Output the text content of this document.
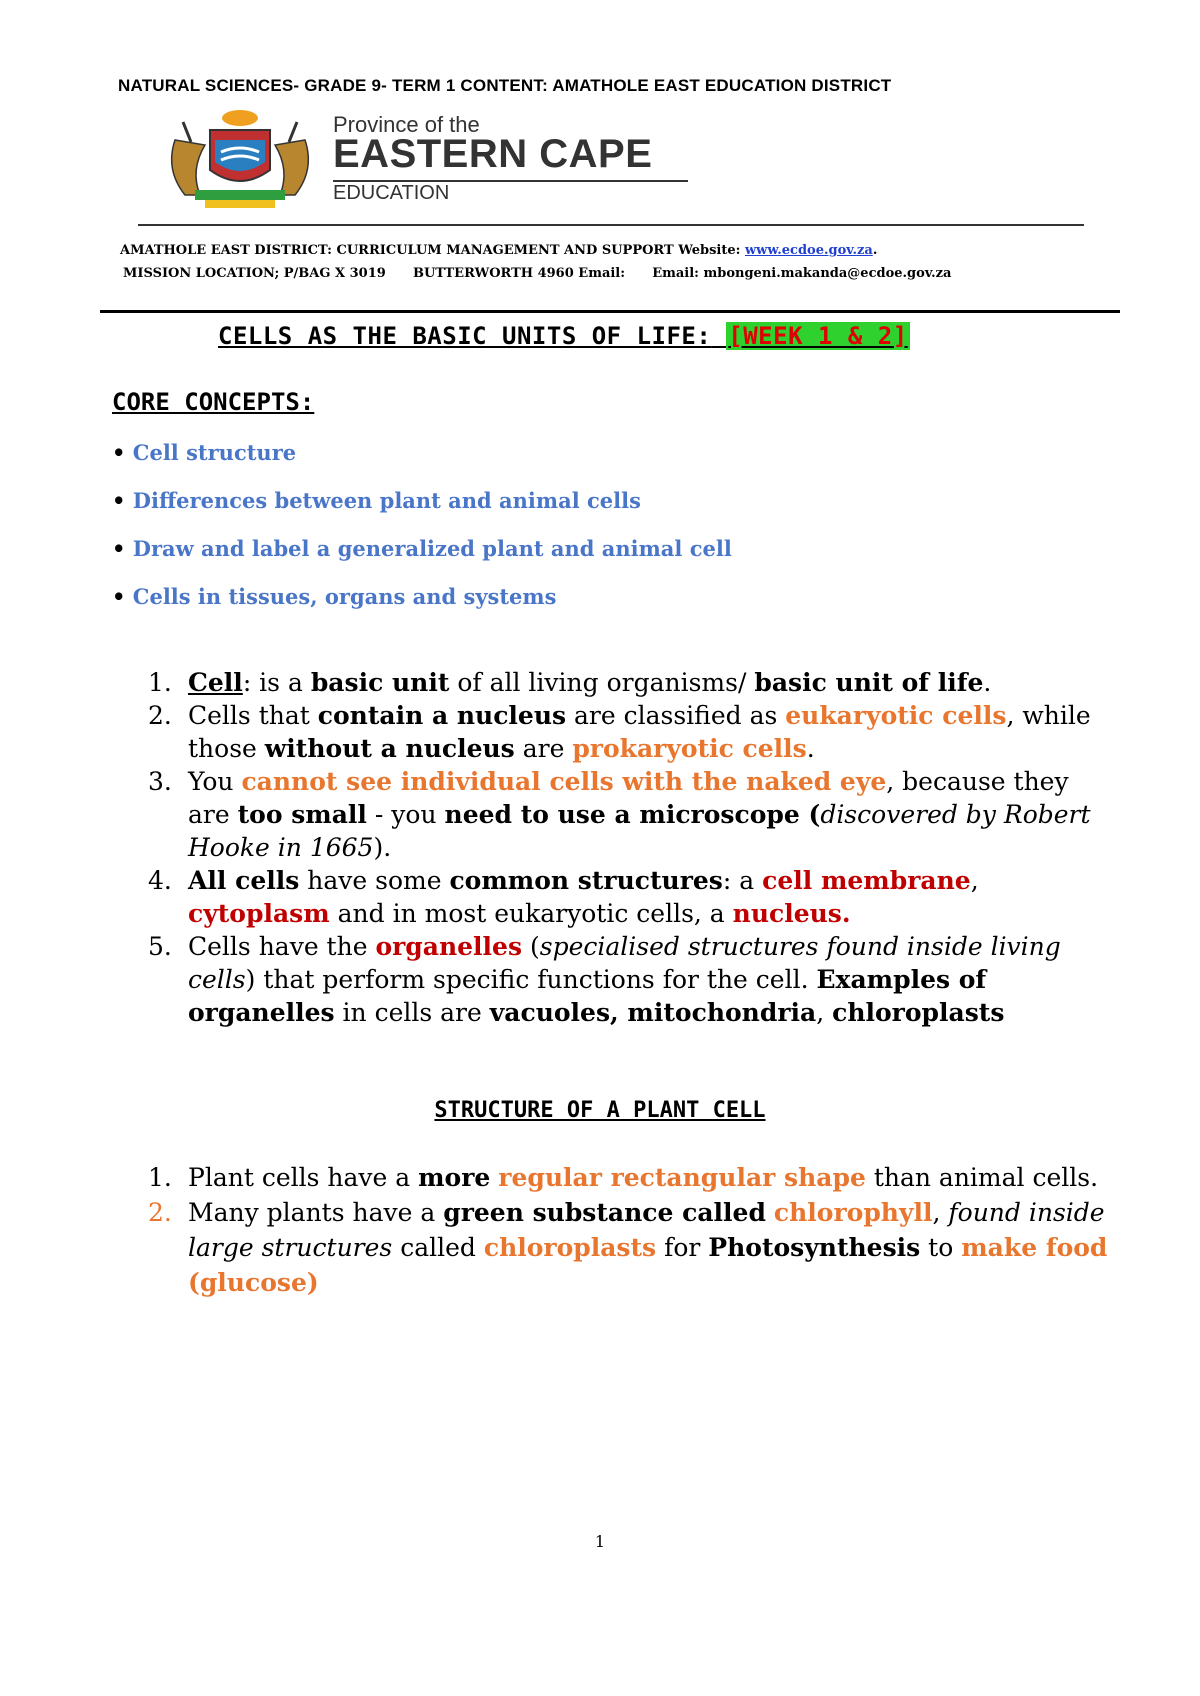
NATURAL SCIENCES- GRADE 9- TERM 1 CONTENT: AMATHOLE EAST EDUCATION DISTRICT
Province of the
EASTERN CAPE
EDUCATION
AMATHOLE EAST DISTRICT: CURRICULUM MANAGEMENT AND SUPPORT Website: www.ecdoe.gov.za.
MISSION LOCATION; P/BAG X 3019      BUTTERWORTH 4960 Email:      Email: mbongeni.makanda@ecdoe.gov.za
CELLS AS THE BASIC UNITS OF LIFE: [WEEK 1 & 2]
CORE CONCEPTS:
• Cell structure
• Differences between plant and animal cells
• Draw and label a generalized plant and animal cell
• Cells in tissues, organs and systems
1. Cell: is a basic unit of all living organisms/ basic unit of life.
2. Cells that contain a nucleus are classified as eukaryotic cells, while those without a nucleus are prokaryotic cells.
3. You cannot see individual cells with the naked eye, because they are too small - you need to use a microscope (discovered by Robert Hooke in 1665).
4. All cells have some common structures: a cell membrane, cytoplasm and in most eukaryotic cells, a nucleus.
5. Cells have the organelles (specialised structures found inside living cells) that perform specific functions for the cell. Examples of organelles in cells are vacuoles, mitochondria, chloroplasts
STRUCTURE OF A PLANT CELL
1. Plant cells have a more regular rectangular shape than animal cells.
2. Many plants have a green substance called chlorophyll, found inside large structures called chloroplasts for Photosynthesis to make food (glucose)
1
